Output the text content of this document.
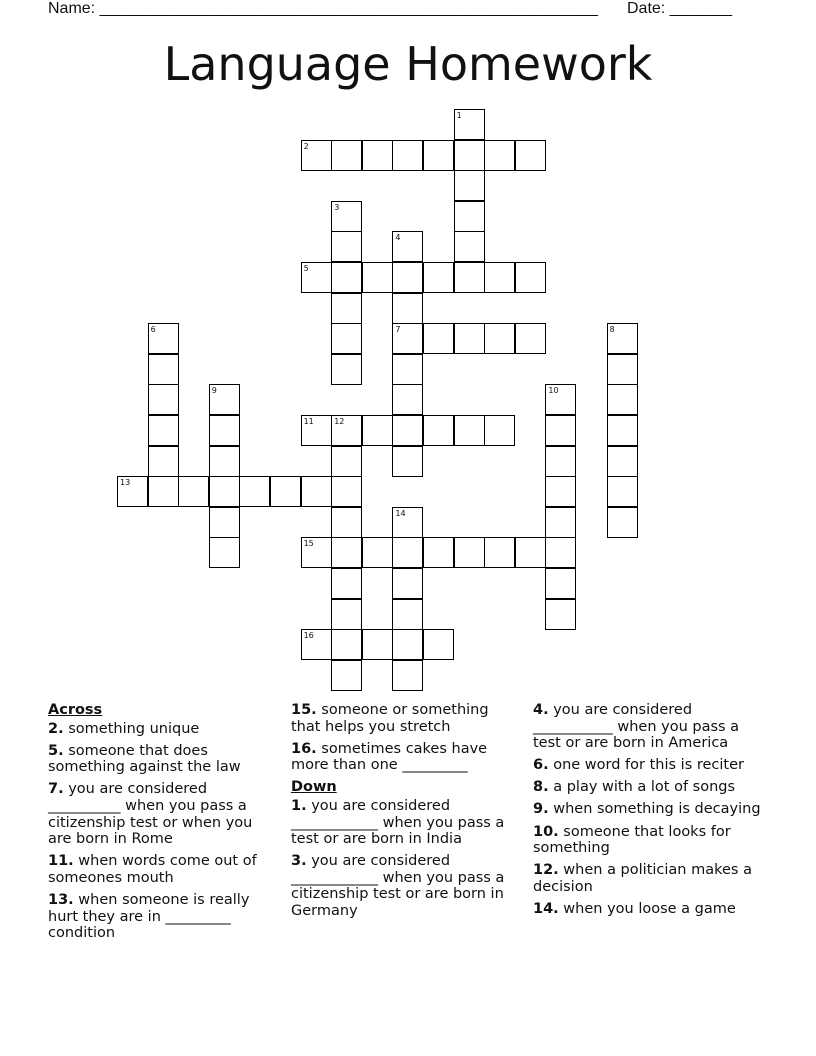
Name: ________________________________________________________ Date: _______
Language Homework
1
2
3
4
5
6	7	8
9	10
11	12
13
14
15
16

Across

2. something unique

5. someone that does something against the law

7. you are considered __________ when you pass a citizenship test or when you are born in Rome

11. when words come out of someones mouth

13. when someone is really hurt they are in _________ condition

15. someone or something that helps you stretch

16. sometimes cakes have more than one _________

Down

1. you are considered ____________ when you pass a test or are born in India

3. you are considered ____________ when you pass a citizenship test or are born in Germany

4. you are considered ___________ when you pass a test or are born in America

6. one word for this is reciter

8. a play with a lot of songs

9. when something is decaying

10. someone that looks for something

12. when a politician makes a decision

14. when you loose a game
